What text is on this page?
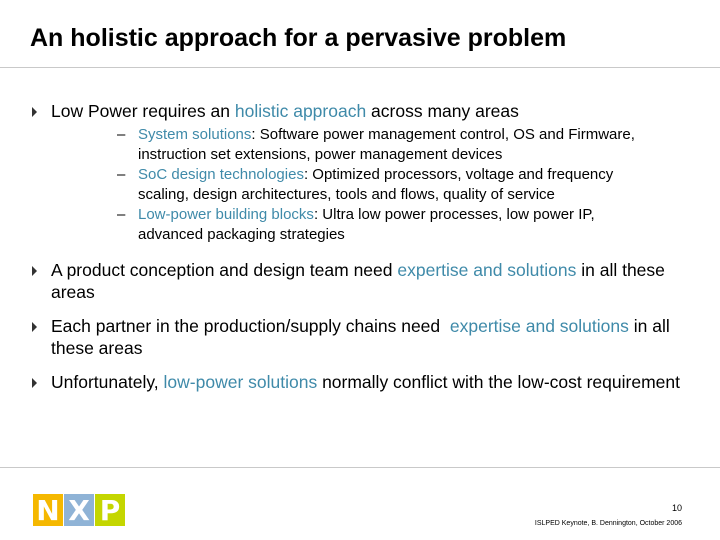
An holistic approach for a pervasive problem
Low Power requires an holistic approach across many areas
– System solutions: Software power management control, OS and Firmware, instruction set extensions, power management devices
– SoC design technologies: Optimized processors, voltage and frequency scaling, design architectures, tools and flows, quality of service
– Low-power building blocks: Ultra low power processes, low power IP, advanced packaging strategies
A product conception and design team need expertise and solutions in all these areas
Each partner in the production/supply chains need  expertise and solutions in all these areas
Unfortunately, low-power solutions normally conflict with the low-cost requirement
N X P	10
ISLPED Keynote, B. Dennington, October 2006
